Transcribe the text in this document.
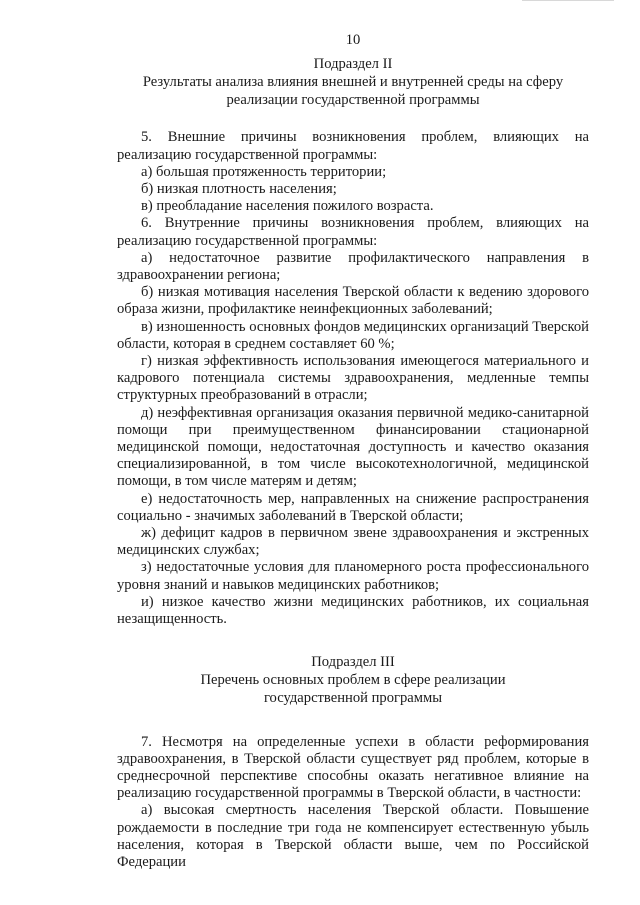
10
Подраздел II
Результаты анализа влияния внешней и внутренней среды на сферу
реализации государственной программы

5. Внешние причины возникновения проблем, влияющих на реализацию государственной программы:

а) большая протяженность территории;

б) низкая плотность населения;

в) преобладание населения пожилого возраста.

6. Внутренние причины возникновения проблем, влияющих на реализацию государственной программы:

а) недостаточное развитие профилактического направления в здравоохранении региона;

б) низкая мотивация населения Тверской области к ведению здорового образа жизни, профилактике неинфекционных заболеваний;

в) изношенность основных фондов медицинских организаций Тверской области, которая в среднем составляет 60 %;

г) низкая эффективность использования имеющегося материального и кадрового потенциала системы здравоохранения, медленные темпы структурных преобразований в отрасли;

д) неэффективная организация оказания первичной медико-санитарной помощи при преимущественном финансировании стационарной медицинской помощи, недостаточная доступность и качество оказания специализированной, в том числе высокотехнологичной, медицинской помощи, в том числе матерям и детям;

е) недостаточность мер, направленных на снижение распространения социально - значимых заболеваний в Тверской области;

ж) дефицит кадров в первичном звене здравоохранения и экстренных медицинских службах;

з) недостаточные условия для планомерного роста профессионального уровня знаний и навыков медицинских работников;

и) низкое качество жизни медицинских работников, их социальная незащищенность.

Подраздел III
Перечень основных проблем в сфере реализации
государственной программы

7. Несмотря на определенные успехи в области реформирования здравоохранения, в Тверской области существует ряд проблем, которые в среднесрочной перспективе способны оказать негативное влияние на реализацию государственной программы в Тверской области, в частности:

а) высокая смертность населения Тверской области. Повышение рождаемости в последние три года не компенсирует естественную убыль населения, которая в Тверской области выше, чем по Российской Федерации
